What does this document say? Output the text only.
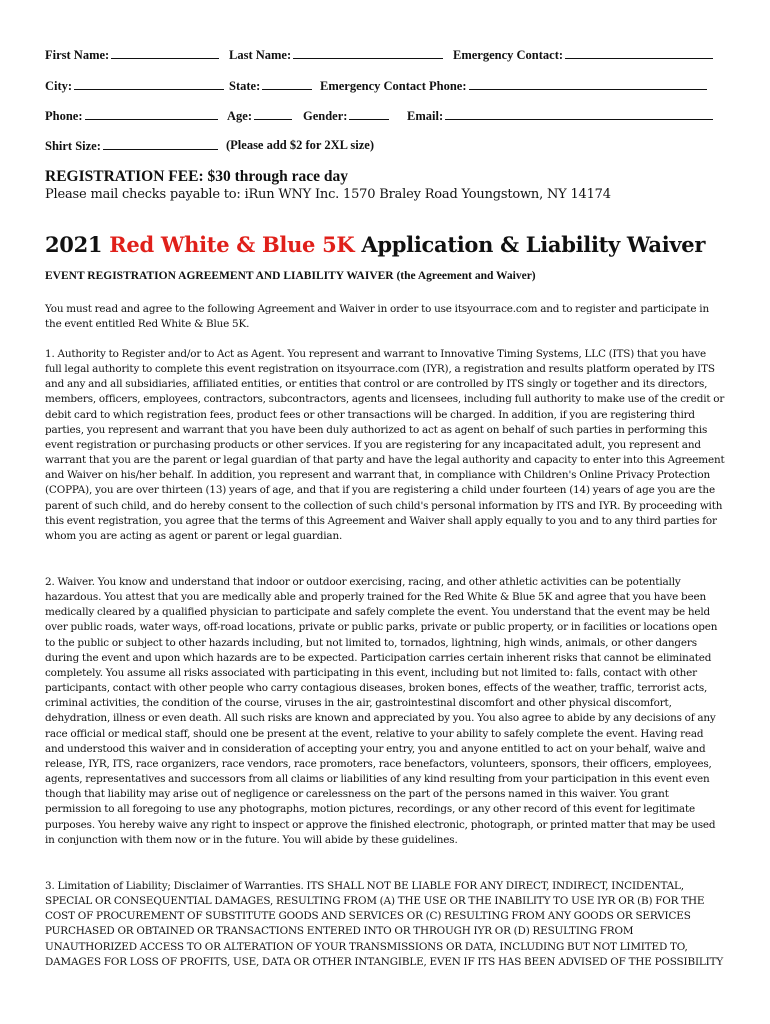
First Name:	Last Name:	Emergency Contact:
City:	State:	Emergency Contact Phone:
Phone:	Age:	Gender:	Email:
Shirt Size:	(Please add $2 for 2XL size)
REGISTRATION FEE: $30 through race day
Please mail checks payable to: iRun WNY Inc. 1570 Braley Road Youngstown, NY 14174
2021 Red White & Blue 5K Application & Liability Waiver
EVENT REGISTRATION AGREEMENT AND LIABILITY WAIVER (the Agreement and Waiver)
You must read and agree to the following Agreement and Waiver in order to use itsyourrace.com and to register and participate in the event entitled Red White & Blue 5K.
1. Authority to Register and/or to Act as Agent. You represent and warrant to Innovative Timing Systems, LLC (ITS) that you have full legal authority to complete this event registration on itsyourrace.com (IYR), a registration and results platform operated by ITS and any and all subsidiaries, affiliated entities, or entities that control or are controlled by ITS singly or together and its directors, members, officers, employees, contractors, subcontractors, agents and licensees, including full authority to make use of the credit or debit card to which registration fees, product fees or other transactions will be charged. In addition, if you are registering third parties, you represent and warrant that you have been duly authorized to act as agent on behalf of such parties in performing this event registration or purchasing products or other services. If you are registering for any incapacitated adult, you represent and warrant that you are the parent or legal guardian of that party and have the legal authority and capacity to enter into this Agreement and Waiver on his/her behalf. In addition, you represent and warrant that, in compliance with Children's Online Privacy Protection (COPPA), you are over thirteen (13) years of age, and that if you are registering a child under fourteen (14) years of age you are the parent of such child, and do hereby consent to the collection of such child's personal information by ITS and IYR. By proceeding with this event registration, you agree that the terms of this Agreement and Waiver shall apply equally to you and to any third parties for whom you are acting as agent or parent or legal guardian.
2. Waiver. You know and understand that indoor or outdoor exercising, racing, and other athletic activities can be potentially hazardous. You attest that you are medically able and properly trained for the Red White & Blue 5K and agree that you have been medically cleared by a qualified physician to participate and safely complete the event. You understand that the event may be held over public roads, water ways, off-road locations, private or public parks, private or public property, or in facilities or locations open to the public or subject to other hazards including, but not limited to, tornados, lightning, high winds, animals, or other dangers during the event and upon which hazards are to be expected. Participation carries certain inherent risks that cannot be eliminated completely. You assume all risks associated with participating in this event, including but not limited to: falls, contact with other participants, contact with other people who carry contagious diseases, broken bones, effects of the weather, traffic, terrorist acts, criminal activities, the condition of the course, viruses in the air, gastrointestinal discomfort and other physical discomfort, dehydration, illness or even death. All such risks are known and appreciated by you. You also agree to abide by any decisions of any race official or medical staff, should one be present at the event, relative to your ability to safely complete the event. Having read and understood this waiver and in consideration of accepting your entry, you and anyone entitled to act on your behalf, waive and release, IYR, ITS, race organizers, race vendors, race promoters, race benefactors, volunteers, sponsors, their officers, employees, agents, representatives and successors from all claims or liabilities of any kind resulting from your participation in this event even though that liability may arise out of negligence or carelessness on the part of the persons named in this waiver. You grant permission to all foregoing to use any photographs, motion pictures, recordings, or any other record of this event for legitimate purposes. You hereby waive any right to inspect or approve the finished electronic, photograph, or printed matter that may be used in conjunction with them now or in the future. You will abide by these guidelines.
3. Limitation of Liability; Disclaimer of Warranties. ITS SHALL NOT BE LIABLE FOR ANY DIRECT, INDIRECT, INCIDENTAL, SPECIAL OR CONSEQUENTIAL DAMAGES, RESULTING FROM (A) THE USE OR THE INABILITY TO USE IYR OR (B) FOR THE COST OF PROCUREMENT OF SUBSTITUTE GOODS AND SERVICES OR (C) RESULTING FROM ANY GOODS OR SERVICES PURCHASED OR OBTAINED OR TRANSACTIONS ENTERED INTO OR THROUGH IYR OR (D) RESULTING FROM UNAUTHORIZED ACCESS TO OR ALTERATION OF YOUR TRANSMISSIONS OR DATA, INCLUDING BUT NOT LIMITED TO, DAMAGES FOR LOSS OF PROFITS, USE, DATA OR OTHER INTANGIBLE, EVEN IF ITS HAS BEEN ADVISED OF THE POSSIBILITY
